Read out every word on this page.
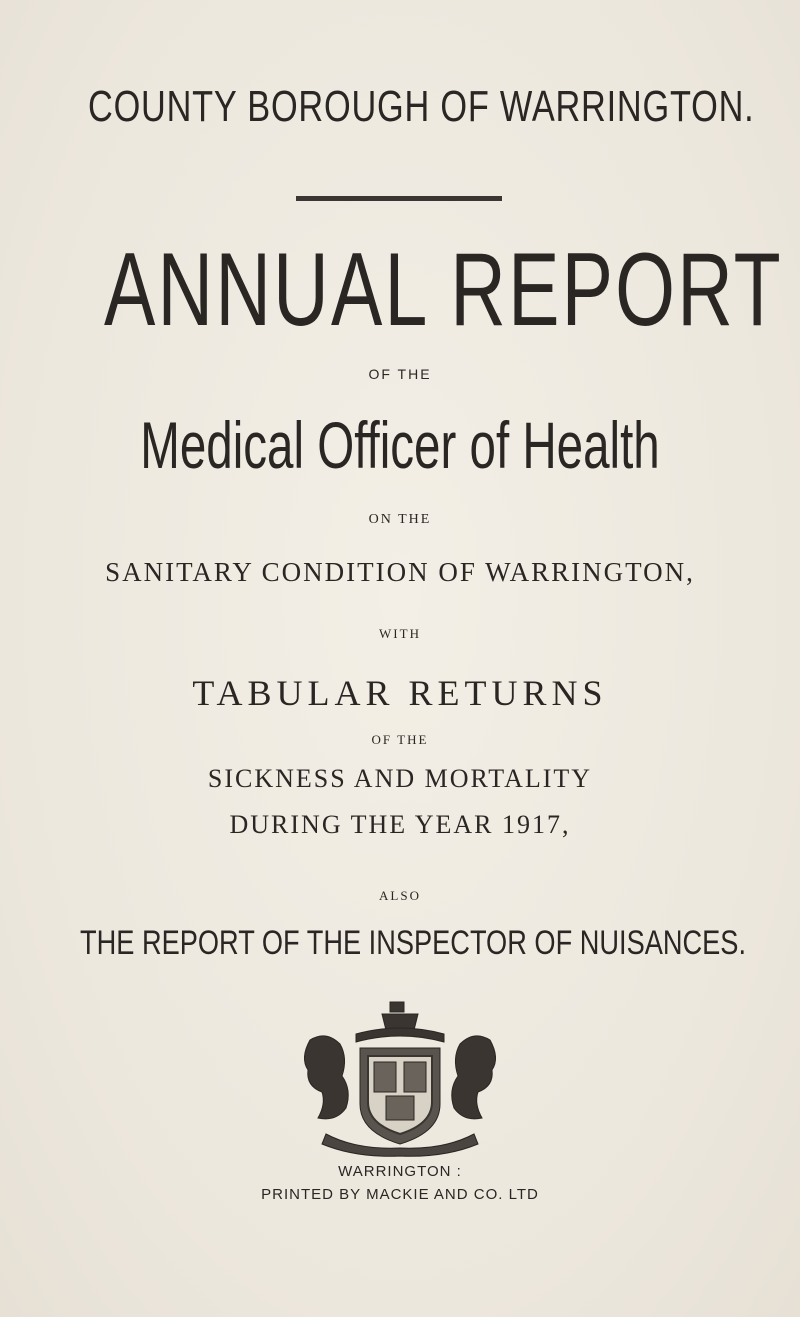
COUNTY BOROUGH OF WARRINGTON.
ANNUAL REPORT
OF THE
Medical Officer of Health
ON THE
SANITARY CONDITION OF WARRINGTON,
WITH
TABULAR RETURNS
OF THE
SICKNESS AND MORTALITY
DURING THE YEAR 1917,
ALSO
THE REPORT OF THE INSPECTOR OF NUISANCES.
WARRINGTON :
PRINTED BY MACKIE AND CO. LTD
